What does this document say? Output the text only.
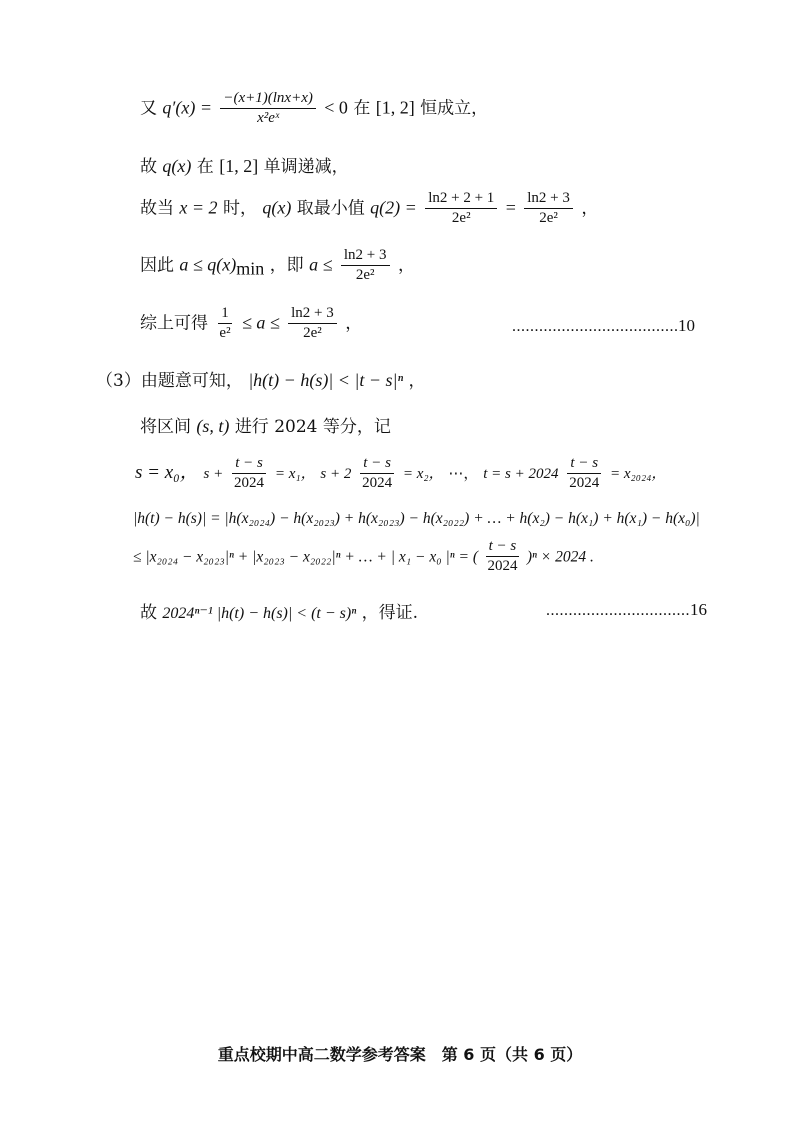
又 $q'(x) = \frac{-(x+1)(\ln x+x)}{\text{x²eˣ}} < 0$ 在 [1, 2] 恒成立，
故 q(x) 在 [1, 2] 单调递减，
故当 x = 2 时， q(x) 取最小值 $q(2) = \frac{\ln 2 + 2 + 1}{\text{2e²}} = \frac{\ln 2 + 3}{\text{2e²}}$ ，
因此 $a \le q(x)_{min}$ ，即 $a \le \frac{\ln 2 + 3}{\text{2e²}}$ ，
综上可得 $\frac{1}{\text{e²}} \le a \le \frac{\ln 2 + 3}{\text{2e²}}$ ，	..................................... 10
（3）由题意可知， |h(t) − h(s)| < |t − s|ⁿ ，
将区间 (s, t) 进行 2024 等分，记
s = x₀， $s + \frac{t - s}{2024} = x_1$， $s + 2 \frac{t - s}{2024} = x_2$， ⋯， $t = s + 2024 \frac{t - s}{2024} = x_{2024}$，
|h(t) − h(s)| = |h(x₂₀₂₄) − h(x₂₀₂₃) + h(x₂₀₂₃) − h(x₂₀₂₂) + … + h(x₂) − h(x₁) + h(x₁) − h(x₀)|
≤ |x₂₀₂₄ − x₂₀₂₃|ⁿ + |x₂₀₂₃ − x₂₀₂₂|ⁿ + … + | x₁ − x₀ |ⁿ = ( $\frac{t - s}{2024} )^n \times 2024$ .
故 2024ⁿ⁻¹ |h(t) − h(s)| < (t − s)ⁿ ，得证.	................................ 16
重点校期中高二数学参考答案　第 6 页（共 6 页）
